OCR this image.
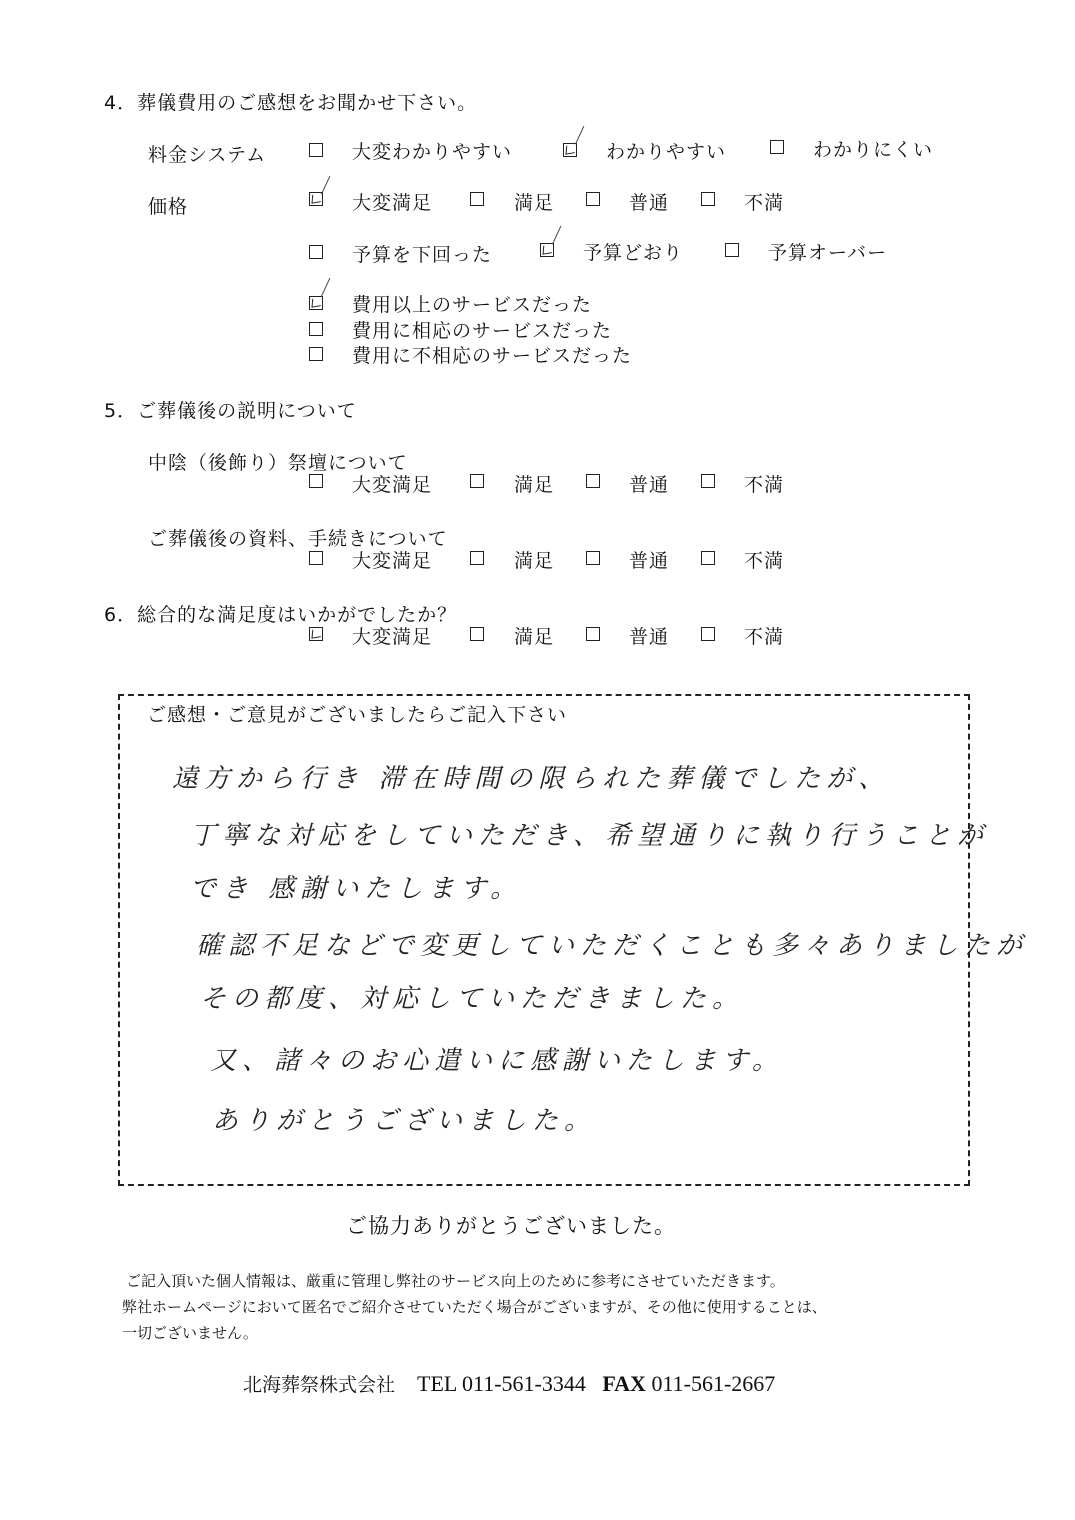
4．葬儀費用のご感想をお聞かせ下さい。
料金システム	大変わかりやすい	わかりやすい	わかりにくい
価格	大変満足	満足	普通	不満
予算を下回った	予算どおり	予算オーバー
費用以上のサービスだった
費用に相応のサービスだった
費用に不相応のサービスだった
5．ご葬儀後の説明について
中陰（後飾り）祭壇について
大変満足	満足	普通	不満
ご葬儀後の資料、手続きについて
大変満足	満足	普通	不満
6．総合的な満足度はいかがでしたか？
大変満足	満足	普通	不満
ご感想・ご意見がございましたらご記入下さい
遠方から行き 滞在時間の限られた葬儀でしたが、
丁寧な対応をしていただき、希望通りに執り行うことが
でき 感謝いたします。
確認不足などで変更していただくことも多々ありましたが
その都度、対応していただきました。
又、諸々のお心遣いに感謝いたします。
ありがとうございました。
ご協力ありがとうございました。
ご記入頂いた個人情報は、厳重に管理し弊社のサービス向上のために参考にさせていただきます。
弊社ホームページにおいて匿名でご紹介させていただく場合がございますが、その他に使用することは、
一切ございません。
北海葬祭株式会社 TEL 011-561-3344 FAX 011-561-2667
